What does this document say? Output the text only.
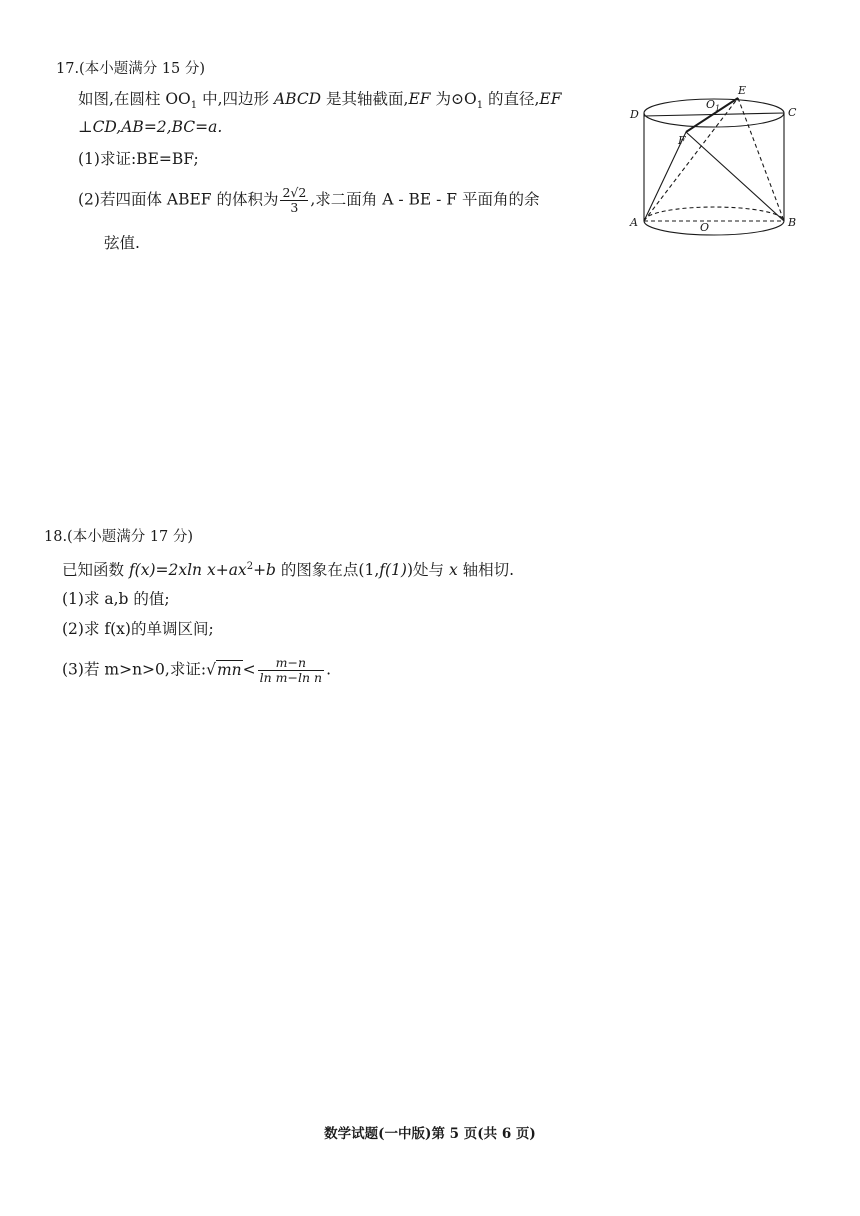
17.(本小题满分 15 分)
如图,在圆柱 $OO_1$ 中,四边形 ABCD 是其轴截面,EF 为$⊙O_1$ 的直径,EF
⊥CD,AB=2,BC=a.
(1)求证:BE=BF;
(2)若四面体 ABEF 的体积为 $\frac{2√2}{3}$ ,求二面角 A - BE - F 平面角的余
弦值.
A	B
C
D
E
F
O
$O_1$
18.(本小题满分 17 分)
已知函数 f(x)=2xln $x+ax^2+b$ 的图象在点(1,f(1))处与 x 轴相切.
(1)求 a,b 的值;
(2)求 f(x)的单调区间;
(3)若 m>n>0,求证:√mn< $\frac{m-n}{\text{ln m−ln n}}$ .
数学试题(一中版)第 5 页(共 6 页)
